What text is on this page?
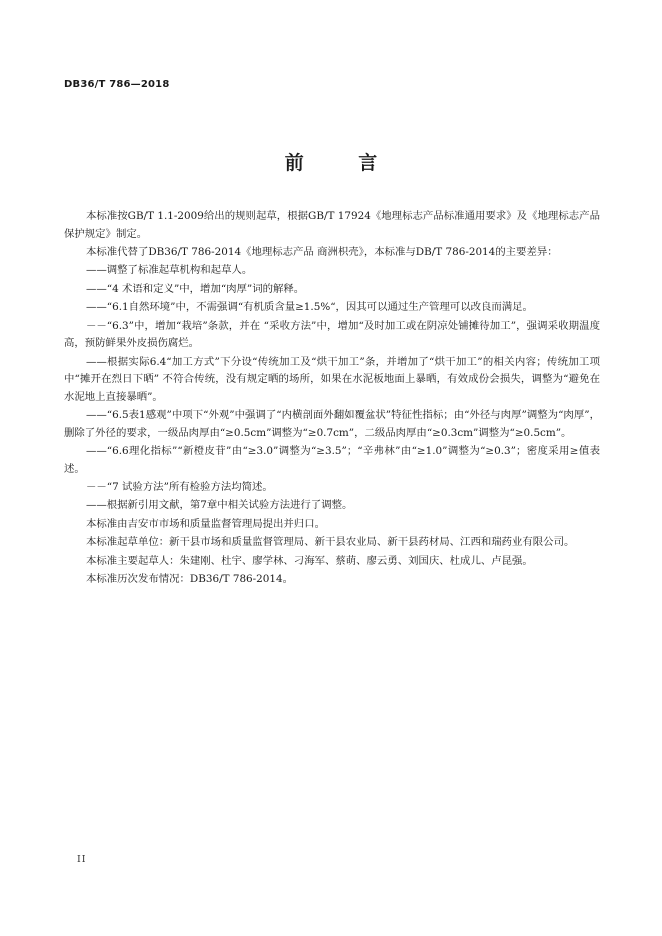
DB36/T 786—2018
前 言

本标准按GB/T 1.1-2009给出的规则起草，根据GB/T 17924《地理标志产品标准通用要求》及《地理标志产品保护规定》制定。

本标准代替了DB36/T 786-2014《地理标志产品 商洲枳壳》，本标准与DB/T 786-2014的主要差异：

——调整了标准起草机构和起草人。

——“4 术语和定义”中，增加“肉厚”词的解释。

——“6.1自然环境”中，不需强调“有机质含量≥1.5%“，因其可以通过生产管理可以改良而满足。

－－“6.3”中，增加“栽培”条款，并在 “采收方法”中，增加“及时加工或在阴凉处铺摊待加工”，强调采收期温度高，预防鲜果外皮损伤腐烂。

——根据实际6.4“加工方式”下分设“传统加工及“烘干加工”条，并增加了“烘干加工”的相关内容；传统加工项中“摊开在烈日下晒” 不符合传统，没有规定晒的场所，如果在水泥板地面上暴晒，有效成份会损失，调整为“避免在水泥地上直接暴晒”。

——“6.5表1感观”中项下“外观”中强调了“内横剖面外翻如覆盆状”特征性指标；由“外径与肉厚”调整为“肉厚”，删除了外径的要求，一级品肉厚由“≥0.5cm”调整为“≥0.7cm”，二级品肉厚由“≥0.3cm”调整为“≥0.5cm”。

——“6.6理化指标”“新橙皮苷”由“≥3.0”调整为“≥3.5”；“辛弗林”由“≥1.0”调整为“≥0.3”；密度采用≥值表述。

－－“7 试验方法”所有检验方法均简述。

——根据新引用文献，第7章中相关试验方法进行了调整。

本标准由吉安市市场和质量监督管理局提出并归口。

本标准起草单位：新干县市场和质量监督管理局、新干县农业局、新干县药材局、江西和瑞药业有限公司。

本标准主要起草人：朱建刚、杜宇、廖学林、刁海军、蔡萌、廖云勇、刘国庆、杜成儿、卢昆强。

本标准历次发布情况：DB36/T 786-2014。

II
